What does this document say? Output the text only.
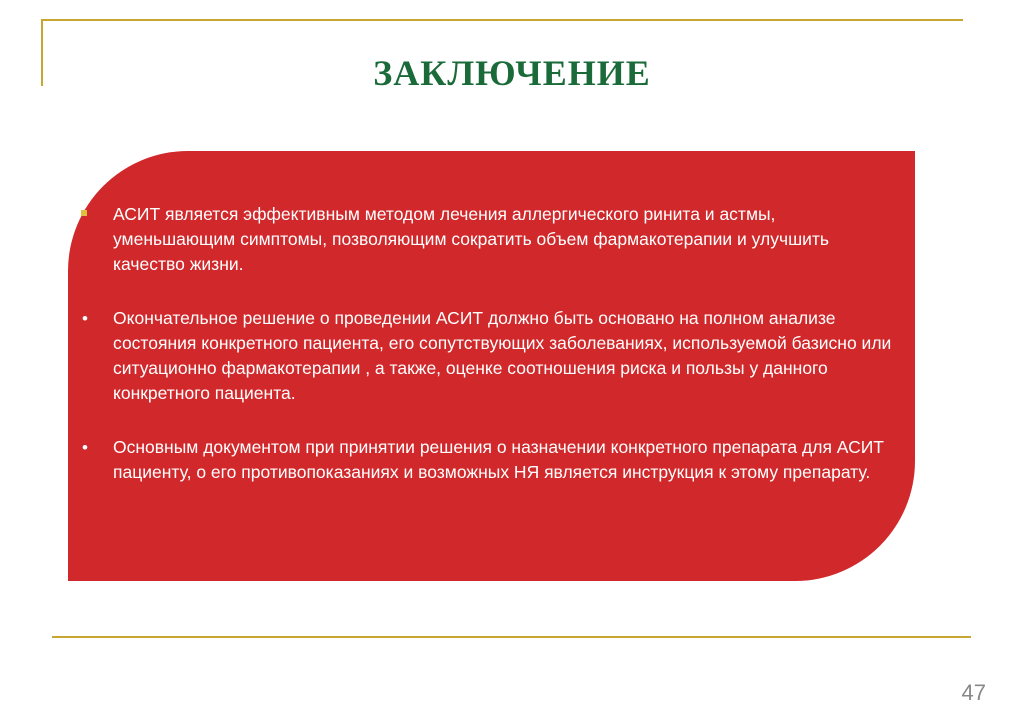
ЗАКЛЮЧЕНИЕ
АСИТ является эффективным методом лечения аллергического ринита и астмы, уменьшающим симптомы, позволяющим сократить объем фармакотерапии и улучшить качество жизни.
• Окончательное решение о проведении АСИТ должно быть основано на полном анализе состояния конкретного пациента, его сопутствующих заболеваниях, используемой базисно или ситуационно фармакотерапии , а также, оценке соотношения риска и пользы у данного конкретного пациента.
• Основным документом при принятии решения о назначении конкретного препарата для АСИТ пациенту, о его противопоказаниях и возможных НЯ является инструкция к этому препарату.
47
